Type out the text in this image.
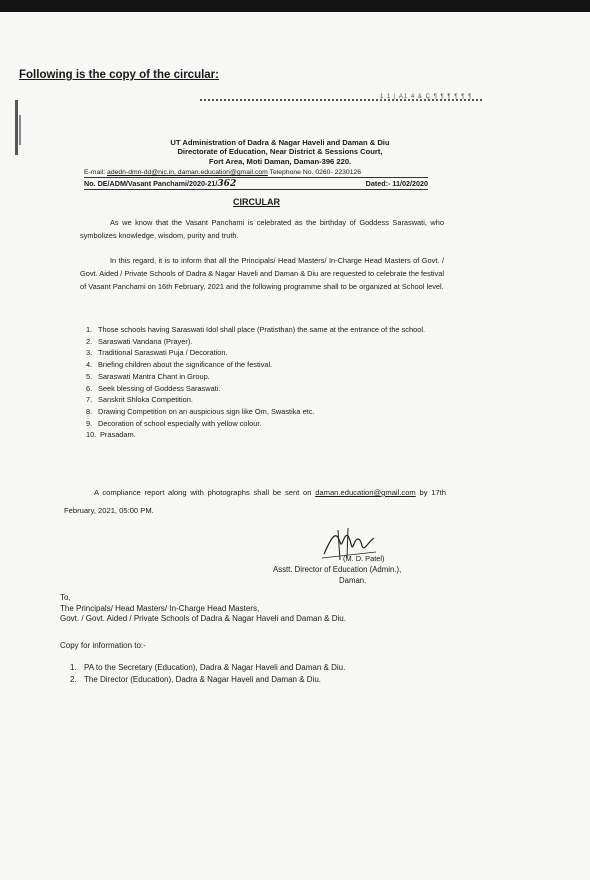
Following is the copy of the circular:
1 1 | A1 4 & Ç ¶ ¶ ¶ ¶ ¶ ¶
UT Administration of Dadra & Nagar Haveli and Daman & Diu
Directorate of Education, Near District & Sessions Court,
Fort Area, Moti Daman, Daman-396 220.
E-mail: adedn-dmn-dd@nic.in, daman.education@gmail.com Telephone No. 0260- 2230126
No. DE/ADM/Vasant Panchami/2020-21/362	Dated:- 11/02/2020
CIRCULAR
As we know that the Vasant Panchami is celebrated as the birthday of Goddess Saraswati, who symbolizes knowledge, wisdom, purity and truth.
In this regard, it is to inform that all the Principals/ Head Masters/ In-Charge Head Masters of Govt. / Govt. Aided / Private Schools of Dadra & Nagar Haveli and Daman & Diu are requested to celebrate the festival of Vasant Panchami on 16th February, 2021 and the following programme shall to be organized at School level.
1. Those schools having Saraswati Idol shall place (Pratisthan) the same at the entrance of the school.
2. Saraswati Vandana (Prayer).
3. Traditional Saraswati Puja / Decoration.
4. Briefing children about the significance of the festival.
5. Saraswati Mantra Chant in Group.
6. Seek blessing of Goddess Saraswati.
7. Sanskrit Shloka Competition.
8. Drawing Competition on an auspicious sign like Om, Swastika etc.
9. Decoration of school especially with yellow colour.
10. Prasadam.
A compliance report along with photographs shall be sent on daman.education@gmail.com by 17th February, 2021, 05:00 PM.
(M. D. Patel)
Asstt. Director of Education (Admin.),
Daman.
To,
The Principals/ Head Masters/ In-Charge Head Masters,
Govt. / Govt. Aided / Private Schools of Dadra & Nagar Haveli and Daman & Diu.
Copy for information to:-
1. PA to the Secretary (Education), Dadra & Nagar Haveli and Daman & Diu.
2. The Director (Education), Dadra & Nagar Haveli and Daman & Diu.
